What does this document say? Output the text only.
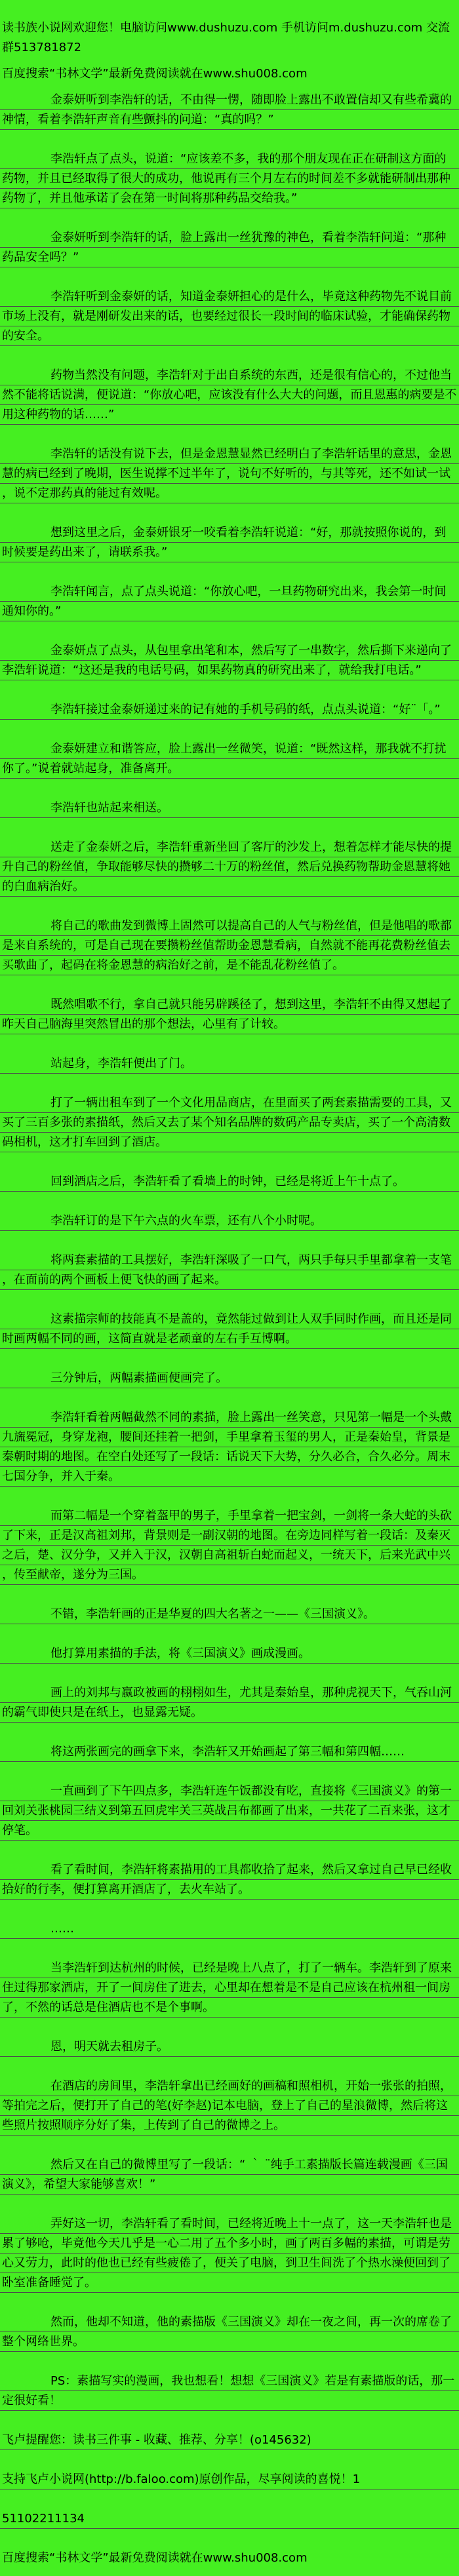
读书族小说网欢迎您！电脑访问www.dushuzu.com 手机访问m.dushuzu.com 交流群513781872

百度搜索“书林文学”最新免费阅读就在www.shu008.com

金泰妍听到李浩轩的话，不由得一愣，随即脸上露出不敢置信却又有些希冀的神情，看着李浩轩声音有些颤抖的问道：“真的吗？”

李浩轩点了点头，说道：“应该差不多，我的那个朋友现在正在研制这方面的药物，并且已经取得了很大的成功，他说再有三个月左右的时间差不多就能研制出那种药物了，并且他承诺了会在第一时间将那种药品交给我。”

金泰妍听到李浩轩的话，脸上露出一丝犹豫的神色，看着李浩轩问道：“那种药品安全吗？”

李浩轩听到金泰妍的话，知道金泰妍担心的是什么，毕竟这种药物先不说目前市场上没有，就是刚研发出来的话，也要经过很长一段时间的临床试验，才能确保药物的安全。

药物当然没有问题，李浩轩对于出自系统的东西，还是很有信心的，不过他当然不能将话说满，便说道：“你放心吧，应该没有什么大大的问题，而且恩惠的病要是不用这种药物的话……”

李浩轩的话没有说下去，但是金恩慧显然已经明白了李浩轩话里的意思，金恩慧的病已经到了晚期，医生说撑不过半年了，说句不好听的，与其等死，还不如试一试，说不定那药真的能过有效呢。

想到这里之后，金泰妍银牙一咬看着李浩轩说道：“好，那就按照你说的，到时候要是药出来了，请联系我。”

李浩轩闻言，点了点头说道：“你放心吧，一旦药物研究出来，我会第一时间通知你的。”

金泰妍点了点头，从包里拿出笔和本，然后写了一串数字，然后撕下来递向了李浩轩说道：“这还是我的电话号码，如果药物真的研究出来了，就给我打电话。”

李浩轩接过金泰妍递过来的记有她的手机号码的纸，点点头说道：“好¨「。”

金泰妍建立和谐答应，脸上露出一丝微笑，说道：“既然这样，那我就不打扰你了。”说着就站起身，准备离开。

李浩轩也站起来相送。

送走了金泰妍之后，李浩轩重新坐回了客厅的沙发上，想着怎样才能尽快的提升自己的粉丝值，争取能够尽快的攒够二十万的粉丝值，然后兑换药物帮助金恩慧将她的白血病治好。

将自己的歌曲发到微博上固然可以提高自己的人气与粉丝值，但是他唱的歌都是来自系统的，可是自己现在要攒粉丝值帮助金恩慧看病，自然就不能再花费粉丝值去买歌曲了，起码在将金恩慧的病治好之前，是不能乱花粉丝值了。

既然唱歌不行，拿自己就只能另辟蹊径了，想到这里，李浩轩不由得又想起了昨天自己脑海里突然冒出的那个想法，心里有了计较。

站起身，李浩轩便出了门。

打了一辆出租车到了一个文化用品商店，在里面买了两套素描需要的工具，又买了三百多张的素描纸，然后又去了某个知名品牌的数码产品专卖店，买了一个高清数码相机，这才打车回到了酒店。

回到酒店之后，李浩轩看了看墙上的时钟，已经是将近上午十点了。

李浩轩订的是下午六点的火车票，还有八个小时呢。

将两套素描的工具摆好，李浩轩深吸了一口气，两只手每只手里都拿着一支笔，在面前的两个画板上便飞快的画了起来。

这素描宗师的技能真不是盖的，竟然能过做到让人双手同时作画，而且还是同时画两幅不同的画，这简直就是老顽童的左右手互博啊。

三分钟后，两幅素描画便画完了。

李浩轩看着两幅截然不同的素描，脸上露出一丝笑意，只见第一幅是一个头戴九旒冕冠，身穿龙袍，腰间还挂着一把剑，手里拿着玉玺的男人，正是秦始皇，背景是秦朝时期的地图。在空白处还写了一段话：话说天下大势，分久必合，合久必分。周末七国分争，并入于秦。

而第二幅是一个穿着盔甲的男子，手里拿着一把宝剑，一剑将一条大蛇的头砍了下来，正是汉高祖刘邦，背景则是一副汉朝的地图。在旁边同样写着一段话：及秦灭之后，楚、汉分争，又并入于汉，汉朝自高祖斩白蛇而起义，一统天下，后来光武中兴，传至献帝，遂分为三国。

不错，李浩轩画的正是华夏的四大名著之一——《三国演义》。

他打算用素描的手法，将《三国演义》画成漫画。

画上的刘邦与嬴政被画的栩栩如生，尤其是秦始皇，那种虎视天下，气吞山河的霸气即使只是在纸上，也显露无疑。

将这两张画完的画拿下来，李浩轩又开始画起了第三幅和第四幅……

一直画到了下午四点多，李浩轩连午饭都没有吃，直接将《三国演义》的第一回刘关张桃园三结义到第五回虎牢关三英战吕布都画了出来，一共花了二百来张，这才停笔。

看了看时间，李浩轩将素描用的工具都收拾了起来，然后又拿过自己早已经收拾好的行李，便打算离开酒店了，去火车站了。

……

当李浩轩到达杭州的时候，已经是晚上八点了，打了一辆车。李浩轩到了原来住过得那家酒店，开了一间房住了进去，心里却在想着是不是自己应该在杭州租一间房了，不然的话总是住酒店也不是个事啊。

恩，明天就去租房子。

在酒店的房间里，李浩轩拿出已经画好的画稿和照相机，开始一张张的拍照，等拍完之后，便打开了自己的笔(好李赵)记本电脑，登上了自己的星浪微博，然后将这些照片按照顺序分好了集，上传到了自己的微博之上。

然后又在自己的微博里写了一段话：“ ｀ ¨纯手工素描版长篇连载漫画《三国演义》，希望大家能够喜欢！”

弄好这一切，李浩轩看了看时间，已经将近晚上十一点了，这一天李浩轩也是累了够呛，毕竟他今天几乎是一心二用了五个多小时，画了两百多幅的素描，可谓是劳心又劳力，此时的他也已经有些疲倦了，便关了电脑，到卫生间洗了个热水澡便回到了卧室准备睡觉了。

然而，他却不知道，他的素描版《三国演义》却在一夜之间，再一次的席卷了整个网络世界。

PS：素描写实的漫画，我也想看！想想《三国演义》若是有素描版的话，那一定很好看！

飞卢提醒您：读书三件事 - 收藏、推荐、分享！(o145632)

支持飞卢小说网(http://b.faloo.com)原创作品，尽享阅读的喜悦！1

51102211134

百度搜索“书林文学”最新免费阅读就在www.shu008.com
